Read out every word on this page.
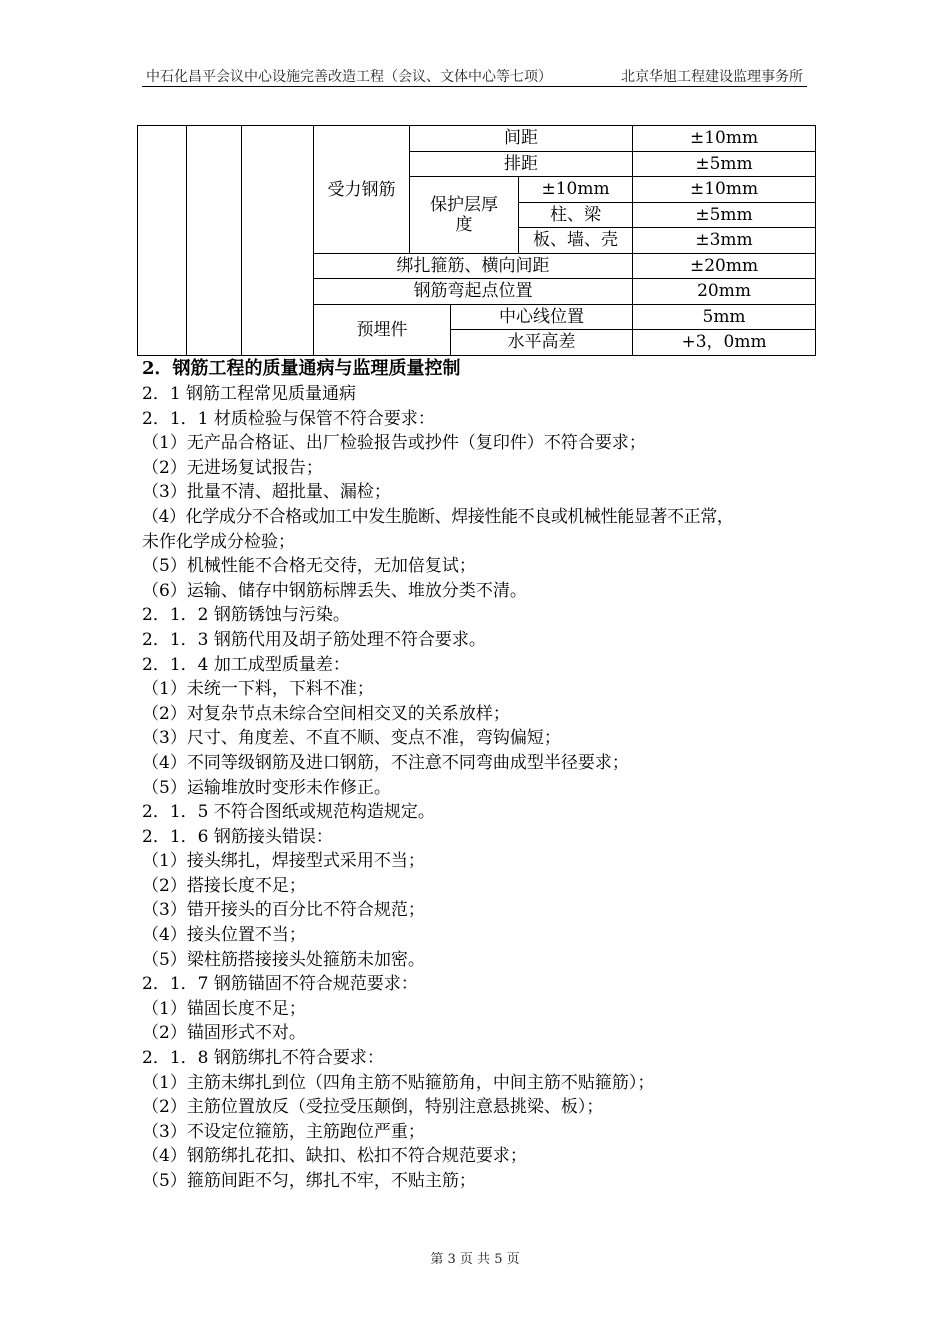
中石化昌平会议中心设施完善改造工程（会议、文体中心等七项）	北京华旭工程建设监理事务所
			受力钢筋	间距			±10mm
				排距			±5mm
				保护层厚度		±10mm	±10mm
						柱、梁	±5mm
						板、墙、壳	±3mm
			绑扎箍筋、横向间距				±20mm
			钢筋弯起点位置				20mm
			预埋件		中心线位置		5mm
					水平高差		+3，0mm
2．钢筋工程的质量通病与监理质量控制
2．1 钢筋工程常见质量通病
2．1．1 材质检验与保管不符合要求：
（1）无产品合格证、出厂检验报告或抄件（复印件）不符合要求；
（2）无进场复试报告；
（3）批量不清、超批量、漏检；
（4）化学成分不合格或加工中发生脆断、焊接性能不良或机械性能显著不正常，
未作化学成分检验；
（5）机械性能不合格无交待，无加倍复试；
（6）运输、储存中钢筋标牌丢失、堆放分类不清。
2．1．2 钢筋锈蚀与污染。
2．1．3 钢筋代用及胡子筋处理不符合要求。
2．1．4 加工成型质量差：
（1）未统一下料，下料不准；
（2）对复杂节点未综合空间相交叉的关系放样；
（3）尺寸、角度差、不直不顺、变点不准，弯钩偏短；
（4）不同等级钢筋及进口钢筋，不注意不同弯曲成型半径要求；
（5）运输堆放时变形未作修正。
2．1．5 不符合图纸或规范构造规定。
2．1．6 钢筋接头错误：
（1）接头绑扎，焊接型式采用不当；
（2）搭接长度不足；
（3）错开接头的百分比不符合规范；
（4）接头位置不当；
（5）梁柱筋搭接接头处箍筋未加密。
2．1．7 钢筋锚固不符合规范要求：
（1）锚固长度不足；
（2）锚固形式不对。
2．1．8 钢筋绑扎不符合要求：
（1）主筋未绑扎到位（四角主筋不贴箍筋角，中间主筋不贴箍筋）；
（2）主筋位置放反（受拉受压颠倒，特别注意悬挑梁、板）；
（3）不设定位箍筋，主筋跑位严重；
（4）钢筋绑扎花扣、缺扣、松扣不符合规范要求；
（5）箍筋间距不匀，绑扎不牢，不贴主筋；
第 3 页 共 5 页
